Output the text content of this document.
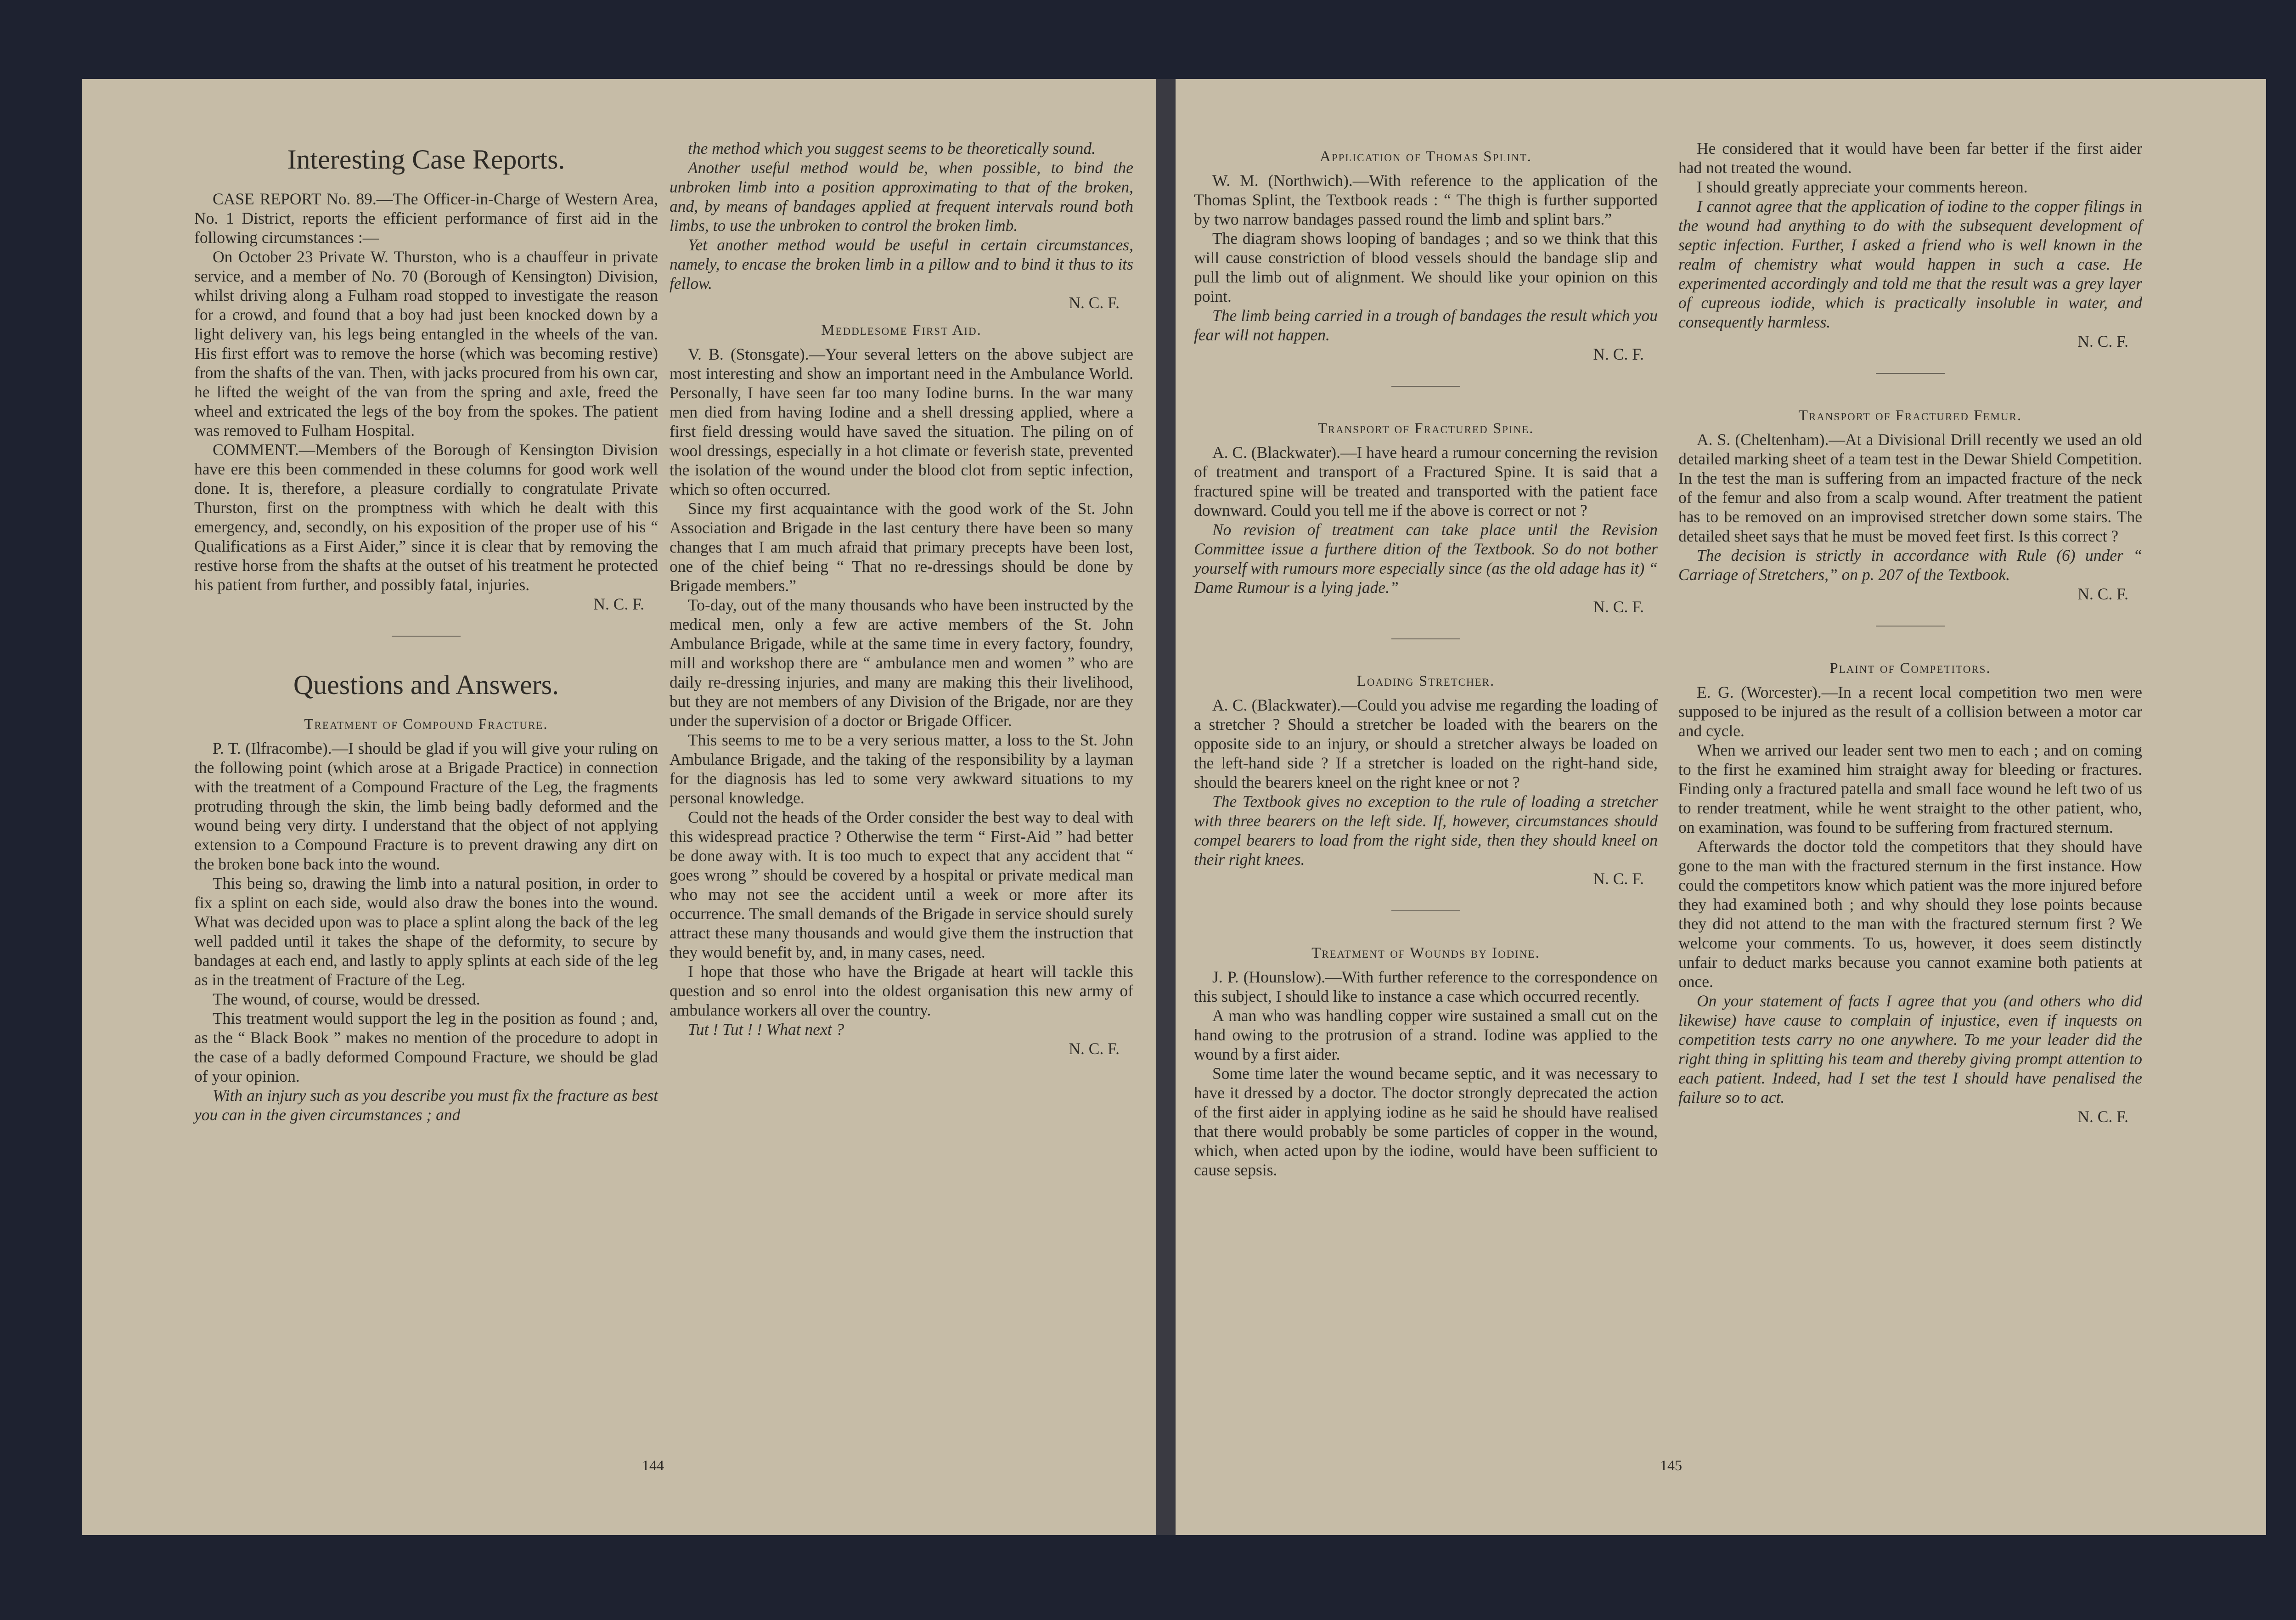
Interesting Case Reports.

CASE REPORT No. 89.—The Officer-in-Charge of Western Area, No. 1 District, reports the efficient performance of first aid in the following circumstances :—

On October 23 Private W. Thurston, who is a chauffeur in private service, and a member of No. 70 (Borough of Kensington) Division, whilst driving along a Fulham road stopped to investigate the reason for a crowd, and found that a boy had just been knocked down by a light delivery van, his legs being entangled in the wheels of the van. His first effort was to remove the horse (which was becoming restive) from the shafts of the van. Then, with jacks procured from his own car, he lifted the weight of the van from the spring and axle, freed the wheel and extricated the legs of the boy from the spokes. The patient was removed to Fulham Hospital.

COMMENT.—Members of the Borough of Kensington Division have ere this been commended in these columns for good work well done. It is, therefore, a pleasure cordially to congratulate Private Thurston, first on the promptness with which he dealt with this emergency, and, secondly, on his exposition of the proper use of his “ Qualifications as a First Aider,” since it is clear that by removing the restive horse from the shafts at the outset of his treatment he protected his patient from further, and possibly fatal, injuries.

N. C. F.

Questions and Answers.
Treatment of Compound Fracture.

P. T. (Ilfracombe).—I should be glad if you will give your ruling on the following point (which arose at a Brigade Practice) in connection with the treatment of a Compound Fracture of the Leg, the fragments protruding through the skin, the limb being badly deformed and the wound being very dirty. I understand that the object of not applying extension to a Compound Fracture is to prevent drawing any dirt on the broken bone back into the wound.

This being so, drawing the limb into a natural position, in order to fix a splint on each side, would also draw the bones into the wound. What was decided upon was to place a splint along the back of the leg well padded until it takes the shape of the deformity, to secure by bandages at each end, and lastly to apply splints at each side of the leg as in the treatment of Fracture of the Leg.

The wound, of course, would be dressed.

This treatment would support the leg in the position as found ; and, as the “ Black Book ” makes no mention of the procedure to adopt in the case of a badly deformed Compound Fracture, we should be glad of your opinion.

With an injury such as you describe you must fix the fracture as best you can in the given circumstances ; and

the method which you suggest seems to be theoretically sound.

Another useful method would be, when possible, to bind the unbroken limb into a position approximating to that of the broken, and, by means of bandages applied at frequent intervals round both limbs, to use the unbroken to control the broken limb.

Yet another method would be useful in certain circumstances, namely, to encase the broken limb in a pillow and to bind it thus to its fellow.

N. C. F.

Meddlesome First Aid.

V. B. (Stonsgate).—Your several letters on the above subject are most interesting and show an important need in the Ambulance World. Personally, I have seen far too many Iodine burns. In the war many men died from having Iodine and a shell dressing applied, where a first field dressing would have saved the situation. The piling on of wool dressings, especially in a hot climate or feverish state, prevented the isolation of the wound under the blood clot from septic infection, which so often occurred.

Since my first acquaintance with the good work of the St. John Association and Brigade in the last century there have been so many changes that I am much afraid that primary precepts have been lost, one of the chief being “ That no re-dressings should be done by Brigade members.”

To-day, out of the many thousands who have been instructed by the medical men, only a few are active members of the St. John Ambulance Brigade, while at the same time in every factory, foundry, mill and workshop there are “ ambulance men and women ” who are daily re-dressing injuries, and many are making this their livelihood, but they are not members of any Division of the Brigade, nor are they under the supervision of a doctor or Brigade Officer.

This seems to me to be a very serious matter, a loss to the St. John Ambulance Brigade, and the taking of the responsibility by a layman for the diagnosis has led to some very awkward situations to my personal knowledge.

Could not the heads of the Order consider the best way to deal with this widespread practice ? Otherwise the term “ First-Aid ” had better be done away with. It is too much to expect that any accident that “ goes wrong ” should be covered by a hospital or private medical man who may not see the accident until a week or more after its occurrence. The small demands of the Brigade in service should surely attract these many thousands and would give them the instruction that they would benefit by, and, in many cases, need.

I hope that those who have the Brigade at heart will tackle this question and so enrol into the oldest organisation this new army of ambulance workers all over the country.

Tut ! Tut ! ! What next ?

N. C. F.

144
Application of Thomas Splint.

W. M. (Northwich).—With reference to the application of the Thomas Splint, the Textbook reads : “ The thigh is further supported by two narrow bandages passed round the limb and splint bars.”

The diagram shows looping of bandages ; and so we think that this will cause constriction of blood vessels should the bandage slip and pull the limb out of alignment. We should like your opinion on this point.

The limb being carried in a trough of bandages the result which you fear will not happen.

N. C. F.

Transport of Fractured Spine.

A. C. (Blackwater).—I have heard a rumour concerning the revision of treatment and transport of a Fractured Spine. It is said that a fractured spine will be treated and transported with the patient face downward. Could you tell me if the above is correct or not ?

No revision of treatment can take place until the Revision Committee issue a furthere dition of the Textbook. So do not bother yourself with rumours more especially since (as the old adage has it) “ Dame Rumour is a lying jade.”

N. C. F.

Loading Stretcher.

A. C. (Blackwater).—Could you advise me regarding the loading of a stretcher ? Should a stretcher be loaded with the bearers on the opposite side to an injury, or should a stretcher always be loaded on the left-hand side ? If a stretcher is loaded on the right-hand side, should the bearers kneel on the right knee or not ?

The Textbook gives no exception to the rule of loading a stretcher with three bearers on the left side. If, however, circumstances should compel bearers to load from the right side, then they should kneel on their right knees.

N. C. F.

Treatment of Wounds by Iodine.

J. P. (Hounslow).—With further reference to the correspondence on this subject, I should like to instance a case which occurred recently.

A man who was handling copper wire sustained a small cut on the hand owing to the protrusion of a strand. Iodine was applied to the wound by a first aider.

Some time later the wound became septic, and it was necessary to have it dressed by a doctor. The doctor strongly deprecated the action of the first aider in applying iodine as he said he should have realised that there would probably be some particles of copper in the wound, which, when acted upon by the iodine, would have been sufficient to cause sepsis.

He considered that it would have been far better if the first aider had not treated the wound.

I should greatly appreciate your comments hereon.

I cannot agree that the application of iodine to the copper filings in the wound had anything to do with the subsequent development of septic infection. Further, I asked a friend who is well known in the realm of chemistry what would happen in such a case. He experimented accordingly and told me that the result was a grey layer of cupreous iodide, which is practically insoluble in water, and consequently harmless.

N. C. F.

Transport of Fractured Femur.

A. S. (Cheltenham).—At a Divisional Drill recently we used an old detailed marking sheet of a team test in the Dewar Shield Competition. In the test the man is suffering from an impacted fracture of the neck of the femur and also from a scalp wound. After treatment the patient has to be removed on an improvised stretcher down some stairs. The detailed sheet says that he must be moved feet first. Is this correct ?

The decision is strictly in accordance with Rule (6) under “ Carriage of Stretchers,” on p. 207 of the Textbook.

N. C. F.

Plaint of Competitors.

E. G. (Worcester).—In a recent local competition two men were supposed to be injured as the result of a collision between a motor car and cycle.

When we arrived our leader sent two men to each ; and on coming to the first he examined him straight away for bleeding or fractures. Finding only a fractured patella and small face wound he left two of us to render treatment, while he went straight to the other patient, who, on examination, was found to be suffering from fractured sternum.

Afterwards the doctor told the competitors that they should have gone to the man with the fractured sternum in the first instance. How could the competitors know which patient was the more injured before they had examined both ; and why should they lose points because they did not attend to the man with the fractured sternum first ? We welcome your comments. To us, however, it does seem distinctly unfair to deduct marks because you cannot examine both patients at once.

On your statement of facts I agree that you (and others who did likewise) have cause to complain of injustice, even if inquests on competition tests carry no one anywhere. To me your leader did the right thing in splitting his team and thereby giving prompt attention to each patient. Indeed, had I set the test I should have penalised the failure so to act.

N. C. F.

145
